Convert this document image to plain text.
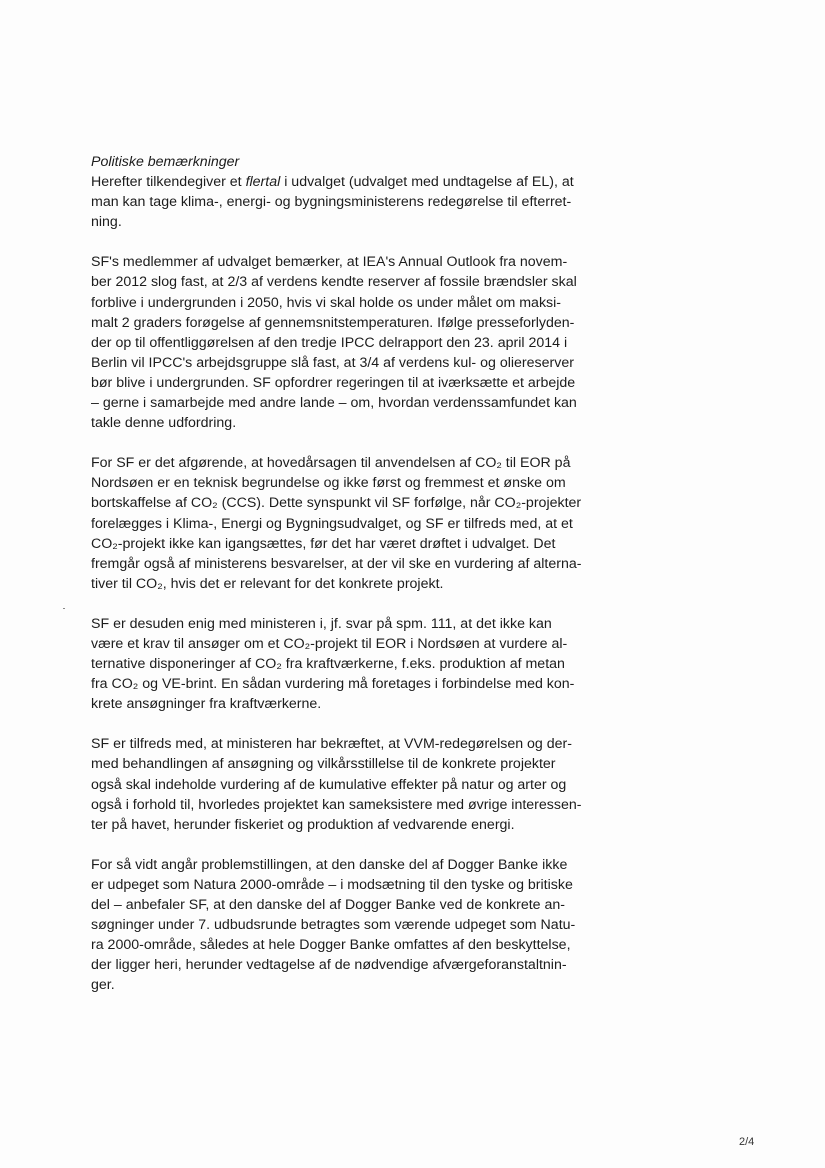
Politiske bemærkninger

Herefter tilkendegiver et flertal i udvalget (udvalget med undtagelse af EL), at
man kan tage klima-, energi- og bygningsministerens redegørelse til efterret-
ning.

SF's medlemmer af udvalget bemærker, at IEA's Annual Outlook fra novem-
ber 2012 slog fast, at 2/3 af verdens kendte reserver af fossile brændsler skal
forblive i undergrunden i 2050, hvis vi skal holde os under målet om maksi-
malt 2 graders forøgelse af gennemsnitstemperaturen. Ifølge presseforlyden-
der op til offentliggørelsen af den tredje IPCC delrapport den 23. april 2014 i
Berlin vil IPCC's arbejdsgruppe slå fast, at 3/4 af verdens kul- og oliereserver
bør blive i undergrunden. SF opfordrer regeringen til at iværksætte et arbejde
– gerne i samarbejde med andre lande – om, hvordan verdenssamfundet kan
takle denne udfordring.

For SF er det afgørende, at hovedårsagen til anvendelsen af CO₂ til EOR på
Nordsøen er en teknisk begrundelse og ikke først og fremmest et ønske om
bortskaffelse af CO₂ (CCS). Dette synspunkt vil SF forfølge, når CO₂-projekter
forelægges i Klima-, Energi og Bygningsudvalget, og SF er tilfreds med, at et
CO₂-projekt ikke kan igangsættes, før det har været drøftet i udvalget. Det
fremgår også af ministerens besvarelser, at der vil ske en vurdering af alterna-
tiver til CO₂, hvis det er relevant for det konkrete projekt.

SF er desuden enig med ministeren i, jf. svar på spm. 111, at det ikke kan
være et krav til ansøger om et CO₂-projekt til EOR i Nordsøen at vurdere al-
ternative disponeringer af CO₂ fra kraftværkerne, f.eks. produktion af metan
fra CO₂ og VE-brint. En sådan vurdering må foretages i forbindelse med kon-
krete ansøgninger fra kraftværkerne.

SF er tilfreds med, at ministeren har bekræftet, at VVM-redegørelsen og der-
med behandlingen af ansøgning og vilkårsstillelse til de konkrete projekter
også skal indeholde vurdering af de kumulative effekter på natur og arter og
også i forhold til, hvorledes projektet kan sameksistere med øvrige interessen-
ter på havet, herunder fiskeriet og produktion af vedvarende energi.

For så vidt angår problemstillingen, at den danske del af Dogger Banke ikke
er udpeget som Natura 2000-område – i modsætning til den tyske og britiske
del – anbefaler SF, at den danske del af Dogger Banke ved de konkrete an-
søgninger under 7. udbudsrunde betragtes som værende udpeget som Natu-
ra 2000-område, således at hele Dogger Banke omfattes af den beskyttelse,
der ligger heri, herunder vedtagelse af de nødvendige afværgeforanstaltnin-
ger.

2/4
